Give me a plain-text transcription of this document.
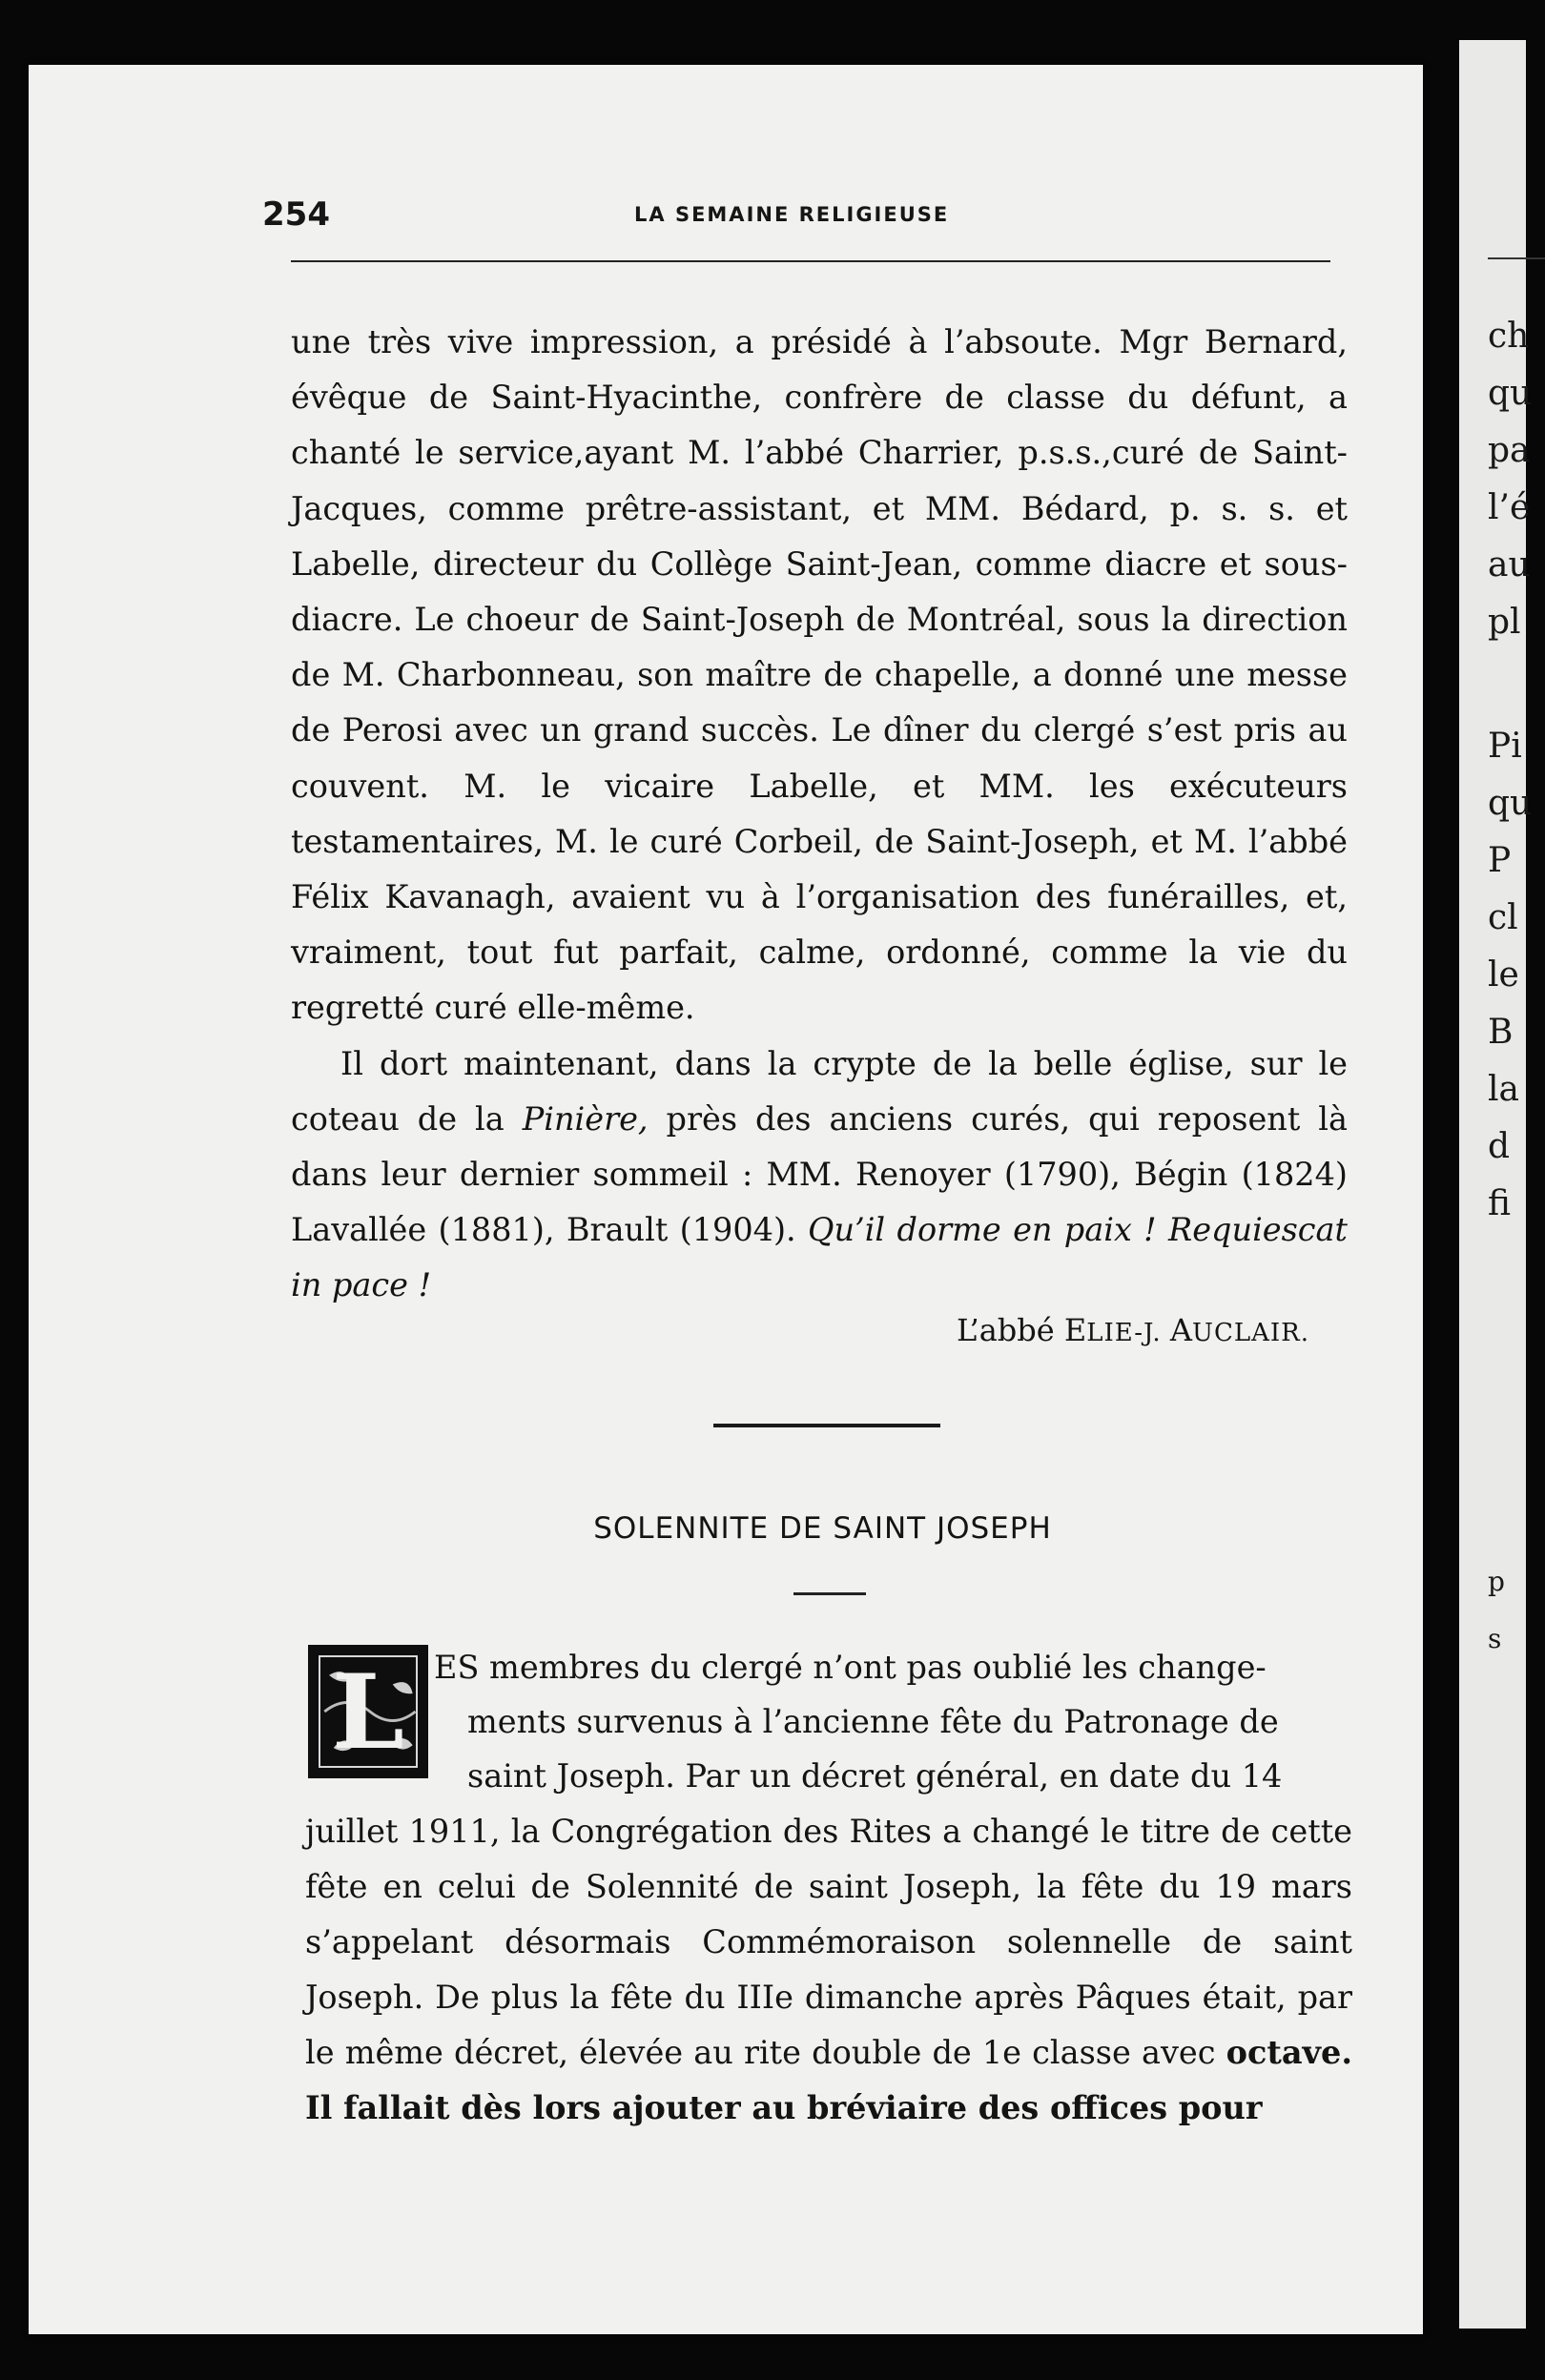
ch
qu
pa
l’é
au
pl
Pi
qu
P
cl
le
B
la
d
fi
p
s
254	LA SEMAINE RELIGIEUSE

une très vive impression, a présidé à l’absoute. Mgr Bernard, évêque de Saint-Hyacinthe, confrère de classe du défunt, a chanté le service,ayant M. l’abbé Charrier, p.s.s.,curé de Saint-Jacques, comme prêtre-assistant, et MM. Bédard, p. s. s. et Labelle, directeur du Collège Saint-Jean, comme diacre et sous-diacre. Le choeur de Saint-Joseph de Montréal, sous la direction de M. Charbonneau, son maître de chapelle, a donné une messe de Perosi avec un grand succès. Le dîner du clergé s’est pris au couvent. M. le vicaire Labelle, et MM. les exécuteurs testamentaires, M. le curé Corbeil, de Saint-Joseph, et M. l’abbé Félix Kavanagh, avaient vu à l’organisation des funérailles, et, vraiment, tout fut parfait, calme, ordonné, comme la vie du regretté curé elle-même.

Il dort maintenant, dans la crypte de la belle église, sur le coteau de la Pinière, près des anciens curés, qui reposent là dans leur dernier sommeil : MM. Renoyer (1790), Bégin (1824) Lavallée (1881), Brault (1904). Qu’il dorme en paix ! Requiescat in pace !

L’abbé ELIE-J. AUCLAIR.
SOLENNITE DE SAINT JOSEPH
L ES membres du clergé n’ont pas oublié les change-
ments survenus à l’ancienne fête du Patronage de
saint Joseph. Par un décret général, en date du 14
juillet 1911, la Congrégation des Rites a changé le titre de cette fête en celui de Solennité de saint Joseph, la fête du 19 mars s’appelant désormais Commémoraison solennelle de saint Joseph. De plus la fête du IIIe dimanche après Pâques était, par le même décret, élevée au rite double de 1e classe avec octave. Il fallait dès lors ajouter au bréviaire des offices pour
